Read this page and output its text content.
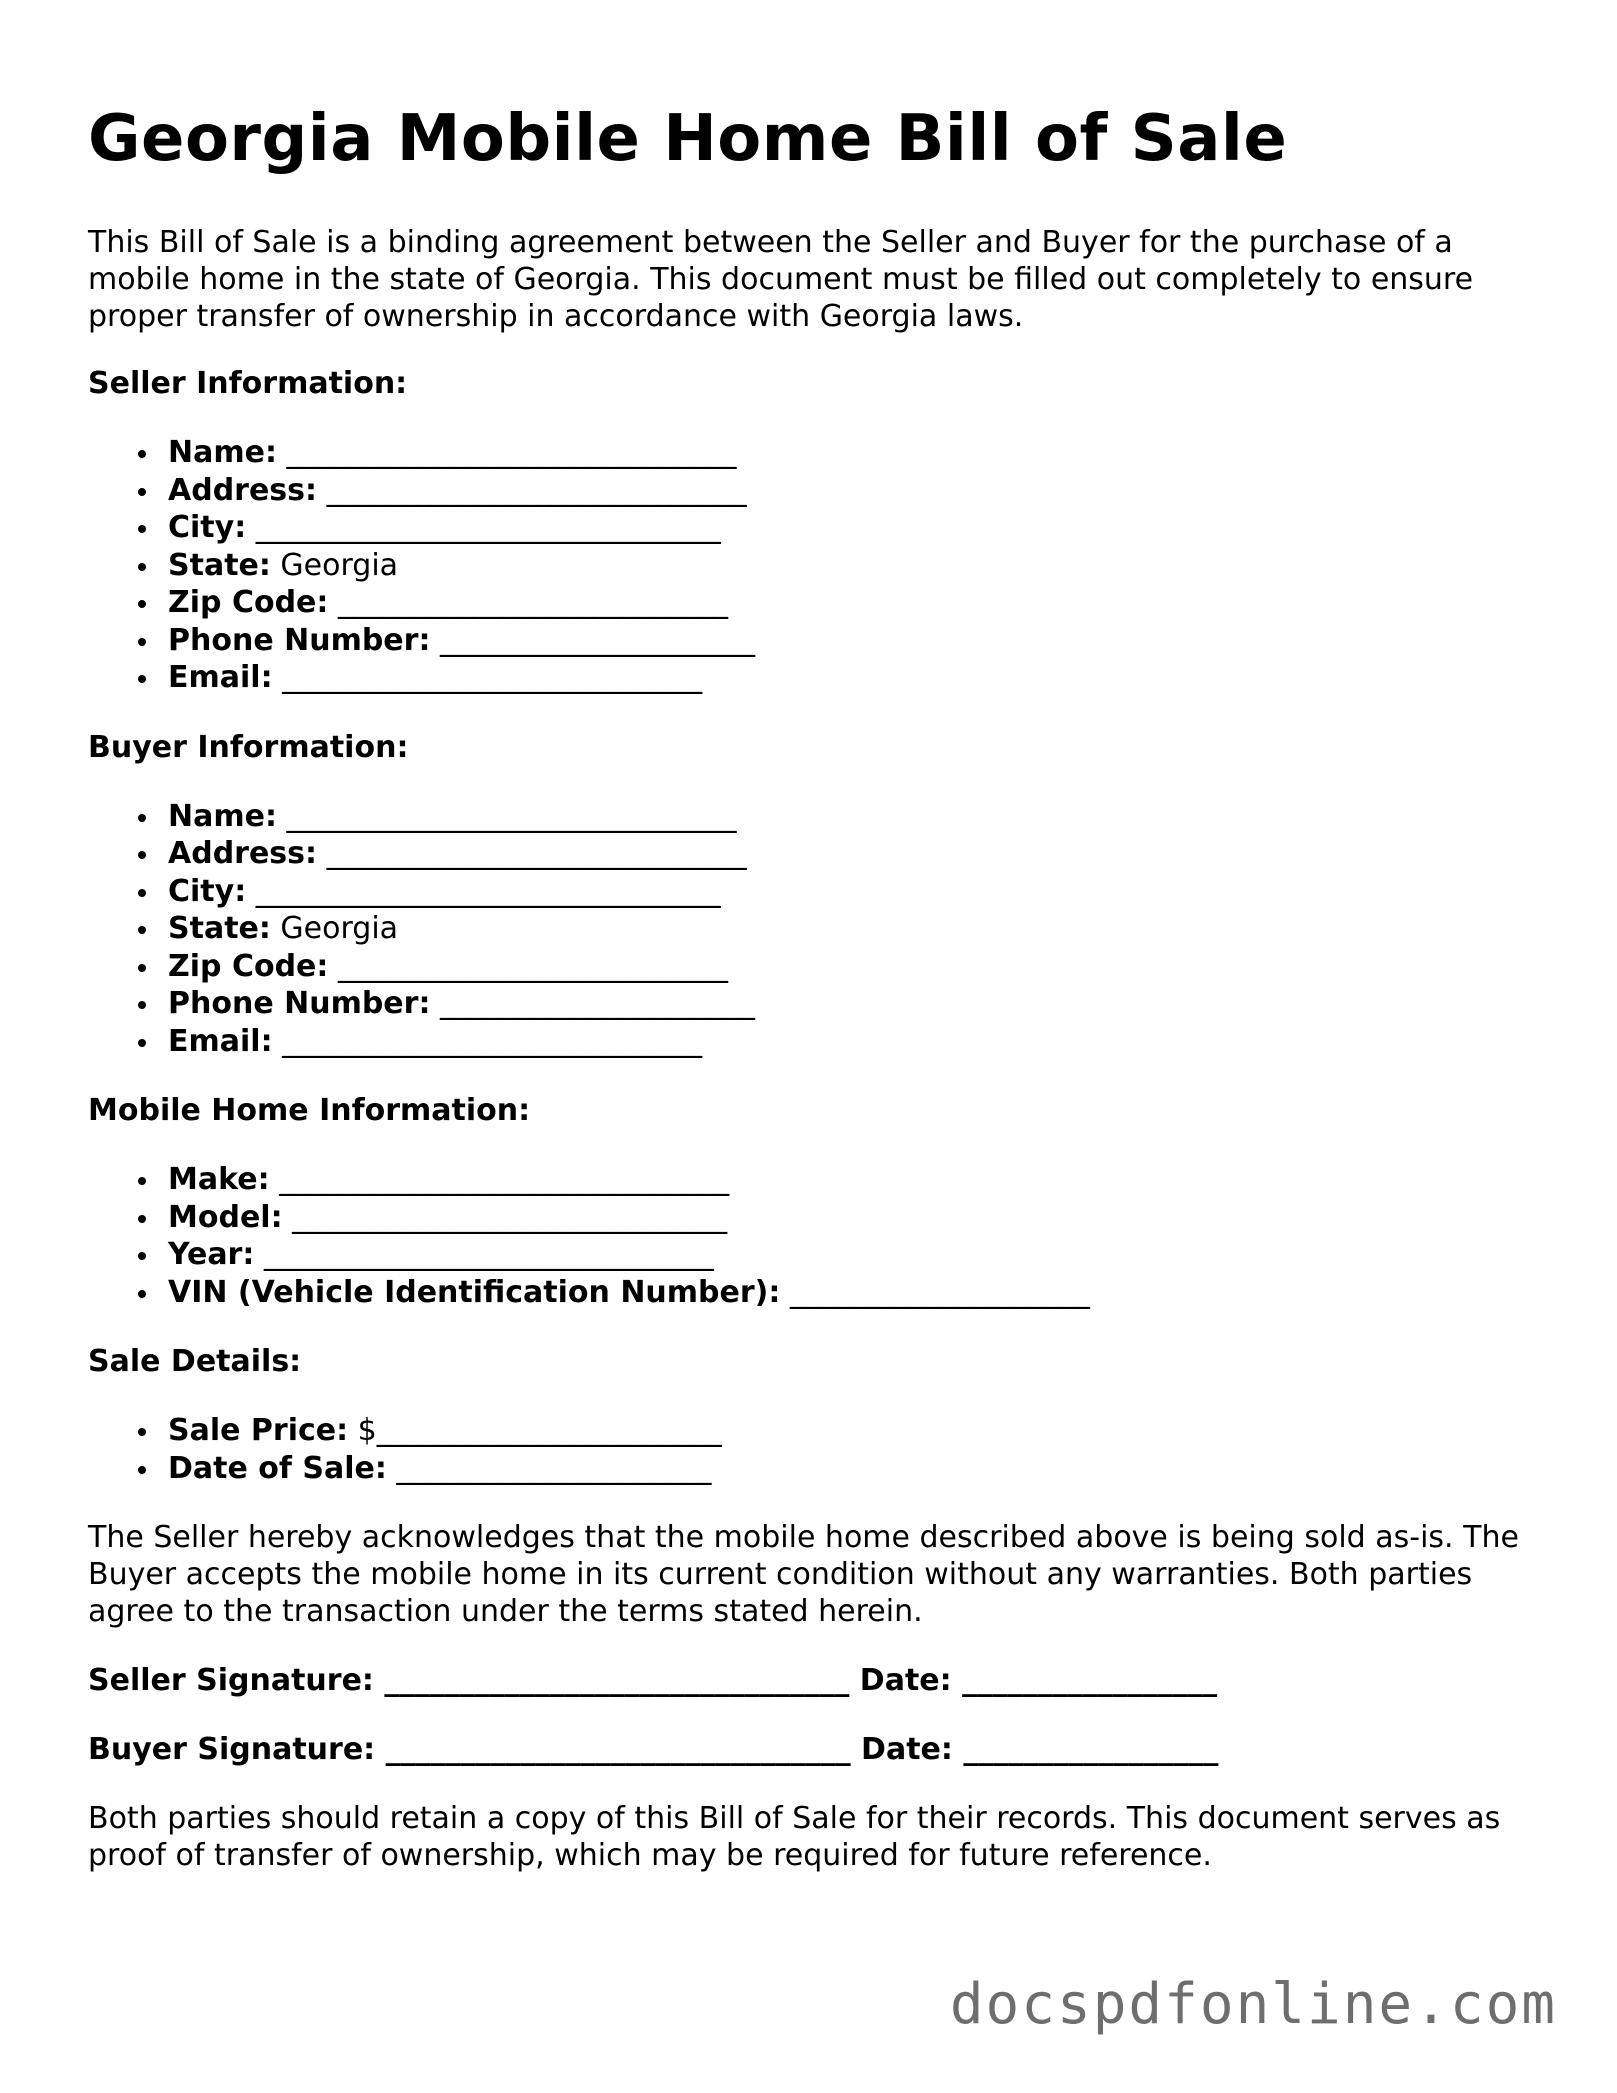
Georgia Mobile Home Bill of Sale

This Bill of Sale is a binding agreement between the Seller and Buyer for the purchase of a mobile home in the state of Georgia. This document must be filled out completely to ensure proper transfer of ownership in accordance with Georgia laws.

Seller Information:
Name: ______________________________
Address: ____________________________
City: _______________________________
State: Georgia
Zip Code: __________________________
Phone Number: _____________________
Email: ____________________________
Buyer Information:
Name: ______________________________
Address: ____________________________
City: _______________________________
State: Georgia
Zip Code: __________________________
Phone Number: _____________________
Email: ____________________________
Mobile Home Information:
Make: ______________________________
Model: _____________________________
Year: ______________________________
VIN (Vehicle Identification Number): ____________________
Sale Details:
Sale Price: $_______________________
Date of Sale: _____________________

The Seller hereby acknowledges that the mobile home described above is being sold as-is. The Buyer accepts the mobile home in its current condition without any warranties. Both parties agree to the transaction under the terms stated herein.

Seller Signature: _______________________________ Date: _________________
Buyer Signature: _______________________________ Date: _________________

Both parties should retain a copy of this Bill of Sale for their records. This document serves as proof of transfer of ownership, which may be required for future reference.

docspdfonline.com
